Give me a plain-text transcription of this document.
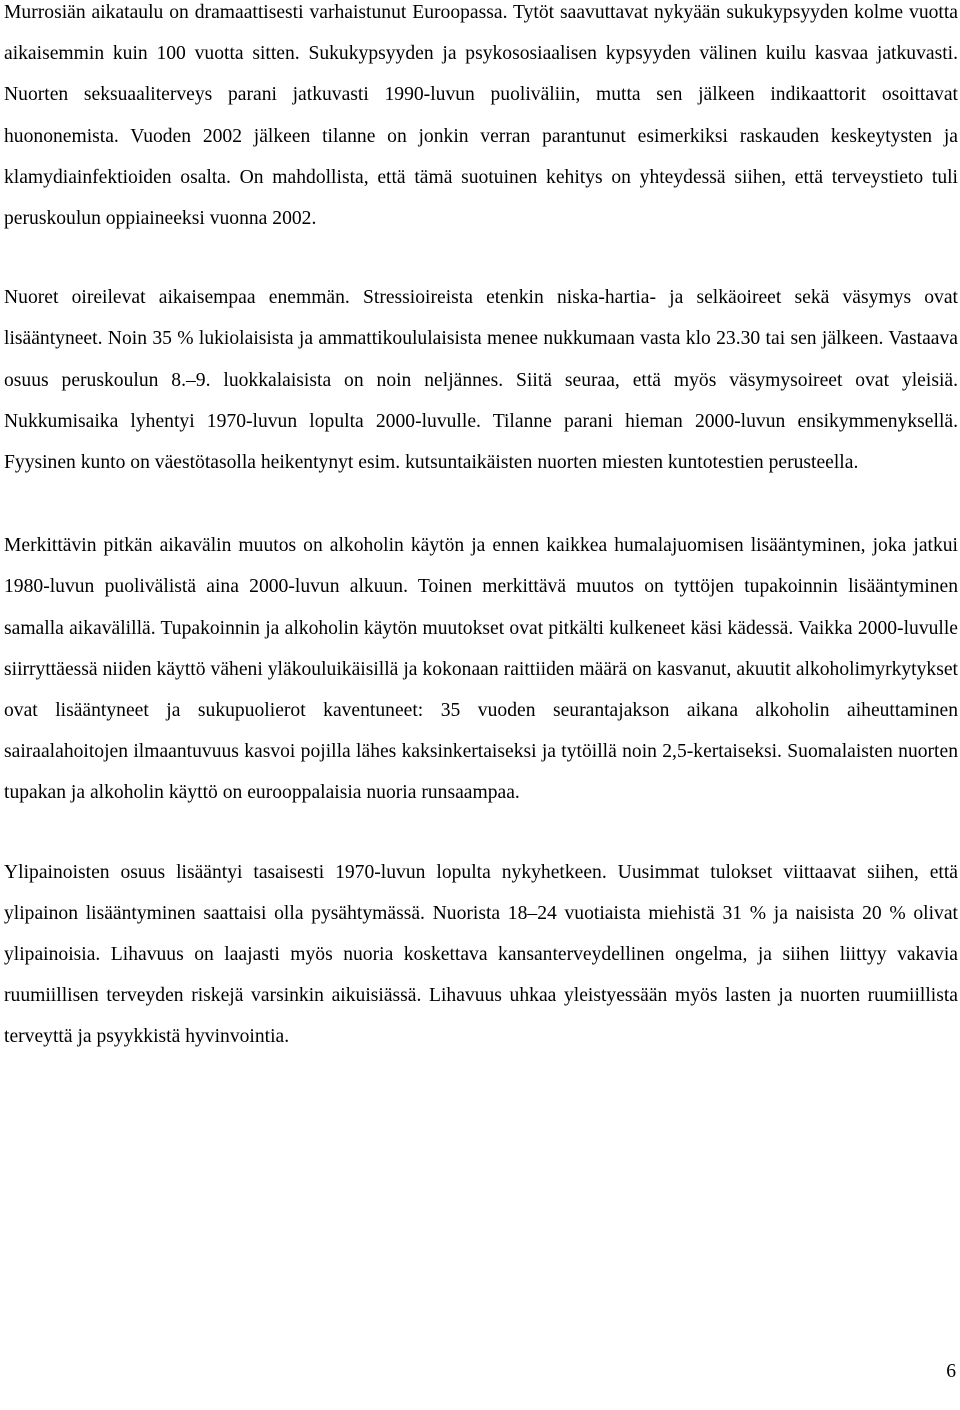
Murrosiän aikataulu on dramaattisesti varhaistunut Euroopassa. Tytöt saavuttavat nykyään sukukypsyyden kolme vuotta aikaisemmin kuin 100 vuotta sitten. Sukukypsyyden ja psykososiaalisen kypsyyden välinen kuilu kasvaa jatkuvasti. Nuorten seksuaaliterveys parani jatkuvasti 1990-luvun puoliväliin, mutta sen jälkeen indikaattorit osoittavat huononemista. Vuoden 2002 jälkeen tilanne on jonkin verran parantunut esimerkiksi raskauden keskeytysten ja klamydiainfektioiden osalta. On mahdollista, että tämä suotuinen kehitys on yhteydessä siihen, että terveystieto tuli peruskoulun oppiaineeksi vuonna 2002.

Nuoret oireilevat aikaisempaa enemmän. Stressioireista etenkin niska-hartia- ja selkäoireet sekä väsymys ovat lisääntyneet. Noin 35 % lukiolaisista ja ammattikoululaisista menee nukkumaan vasta klo 23.30 tai sen jälkeen. Vastaava osuus peruskoulun 8.–9. luokkalaisista on noin neljännes. Siitä seuraa, että myös väsymysoireet ovat yleisiä. Nukkumisaika lyhentyi 1970-luvun lopulta 2000-luvulle. Tilanne parani hieman 2000-luvun ensikymmenyksellä. Fyysinen kunto on väestötasolla heikentynyt esim. kutsuntaikäisten nuorten miesten kuntotestien perusteella.

Merkittävin pitkän aikavälin muutos on alkoholin käytön ja ennen kaikkea humalajuomisen lisääntyminen, joka jatkui 1980-luvun puolivälistä aina 2000-luvun alkuun. Toinen merkittävä muutos on tyttöjen tupakoinnin lisääntyminen samalla aikavälillä. Tupakoinnin ja alkoholin käytön muutokset ovat pitkälti kulkeneet käsi kädessä. Vaikka 2000-luvulle siirryttäessä niiden käyttö väheni yläkouluikäisillä ja kokonaan raittiiden määrä on kasvanut, akuutit alkoholimyrkytykset ovat lisääntyneet ja sukupuolierot kaventuneet: 35 vuoden seurantajakson aikana alkoholin aiheuttaminen sairaalahoitojen ilmaantuvuus kasvoi pojilla lähes kaksinkertaiseksi ja tytöillä noin 2,5-kertaiseksi. Suomalaisten nuorten tupakan ja alkoholin käyttö on eurooppalaisia nuoria runsaampaa.

Ylipainoisten osuus lisääntyi tasaisesti 1970-luvun lopulta nykyhetkeen. Uusimmat tulokset viittaavat siihen, että ylipainon lisääntyminen saattaisi olla pysähtymässä. Nuorista 18–24 vuotiaista miehistä 31 % ja naisista 20 % olivat ylipainoisia. Lihavuus on laajasti myös nuoria koskettava kansanterveydellinen ongelma, ja siihen liittyy vakavia ruumiillisen terveyden riskejä varsinkin aikuisiässä. Lihavuus uhkaa yleistyessään myös lasten ja nuorten ruumiillista terveyttä ja psyykkistä hyvinvointia.

6
